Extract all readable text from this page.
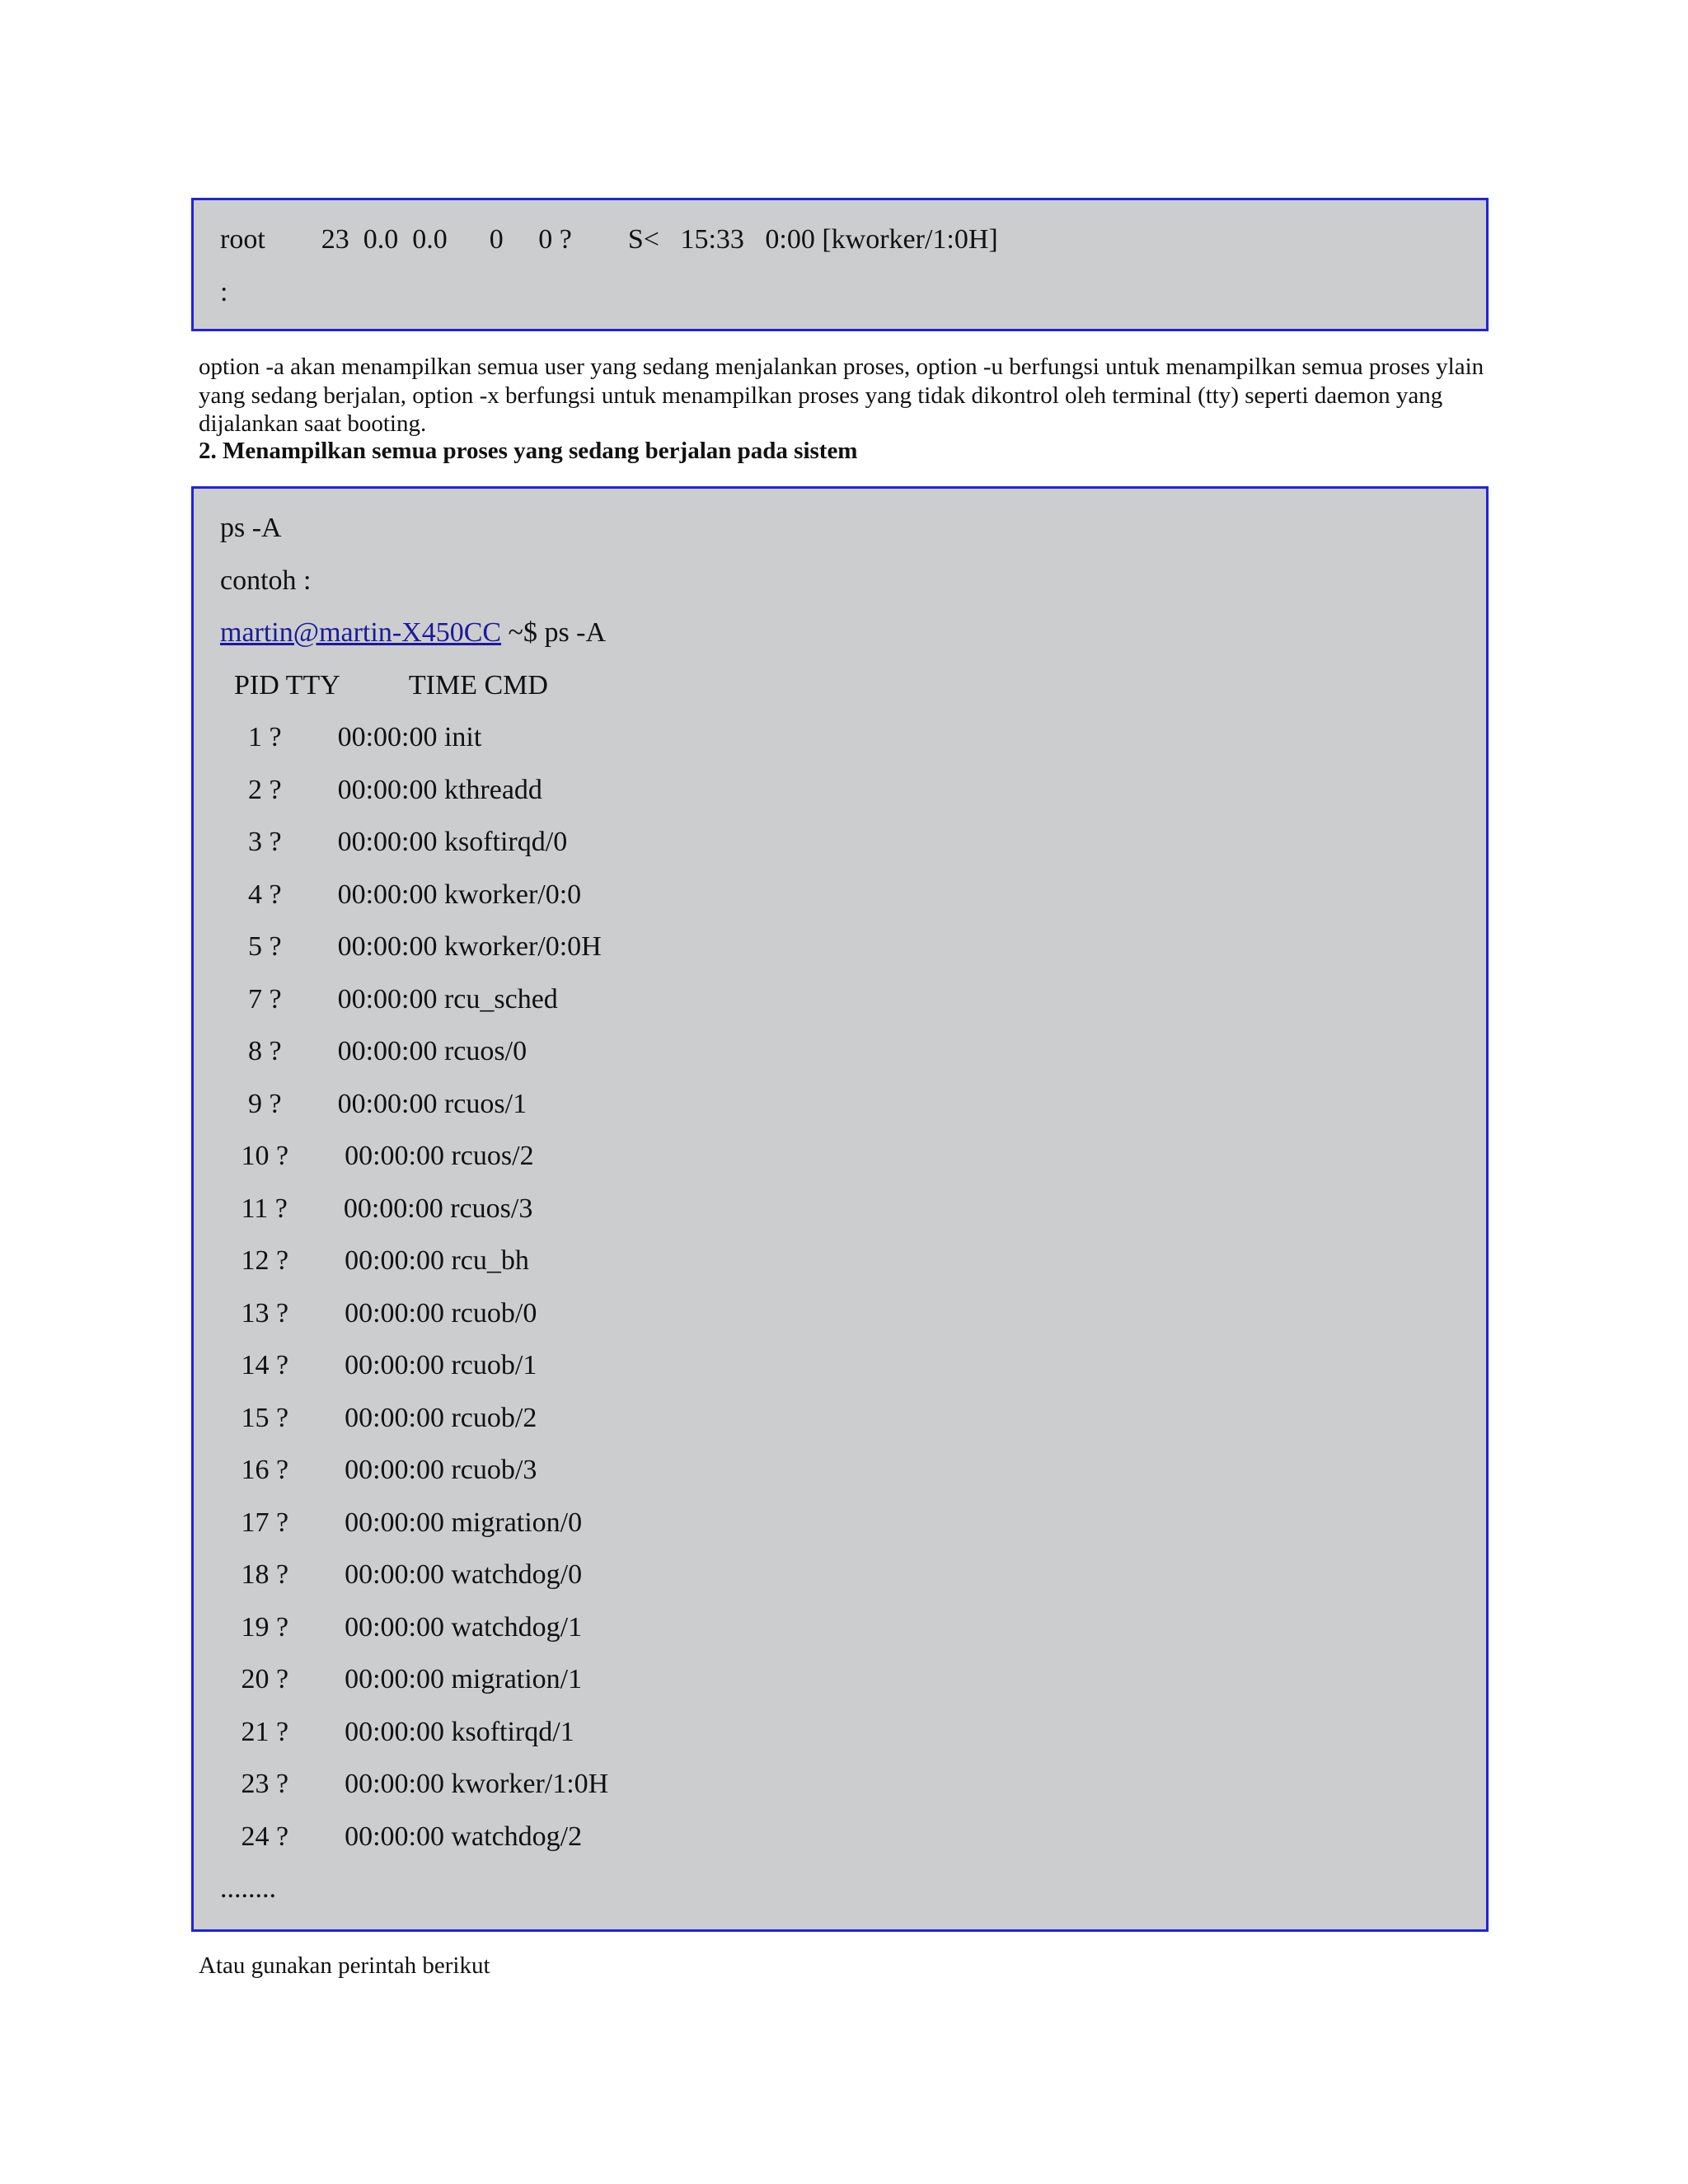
root        23  0.0  0.0      0     0 ?        S<   15:33   0:00 [kworker/1:0H]
:
option -a akan menampilkan semua user yang sedang menjalankan proses, option -u berfungsi untuk menampilkan semua proses ylain yang sedang berjalan, option -x berfungsi untuk menampilkan proses yang tidak dikontrol oleh terminal (tty) seperti daemon yang dijalankan saat booting.
2. Menampilkan semua proses yang sedang berjalan pada sistem
ps -A
contoh :
martin@martin-X450CC ~$ ps -A
PID TTY          TIME CMD
1 ?        00:00:00 init
2 ?        00:00:00 kthreadd
3 ?        00:00:00 ksoftirqd/0
4 ?        00:00:00 kworker/0:0
5 ?        00:00:00 kworker/0:0H
7 ?        00:00:00 rcu_sched
8 ?        00:00:00 rcuos/0
9 ?        00:00:00 rcuos/1
10 ?        00:00:00 rcuos/2
11 ?        00:00:00 rcuos/3
12 ?        00:00:00 rcu_bh
13 ?        00:00:00 rcuob/0
14 ?        00:00:00 rcuob/1
15 ?        00:00:00 rcuob/2
16 ?        00:00:00 rcuob/3
17 ?        00:00:00 migration/0
18 ?        00:00:00 watchdog/0
19 ?        00:00:00 watchdog/1
20 ?        00:00:00 migration/1
21 ?        00:00:00 ksoftirqd/1
23 ?        00:00:00 kworker/1:0H
24 ?        00:00:00 watchdog/2
........
Atau gunakan perintah berikut
